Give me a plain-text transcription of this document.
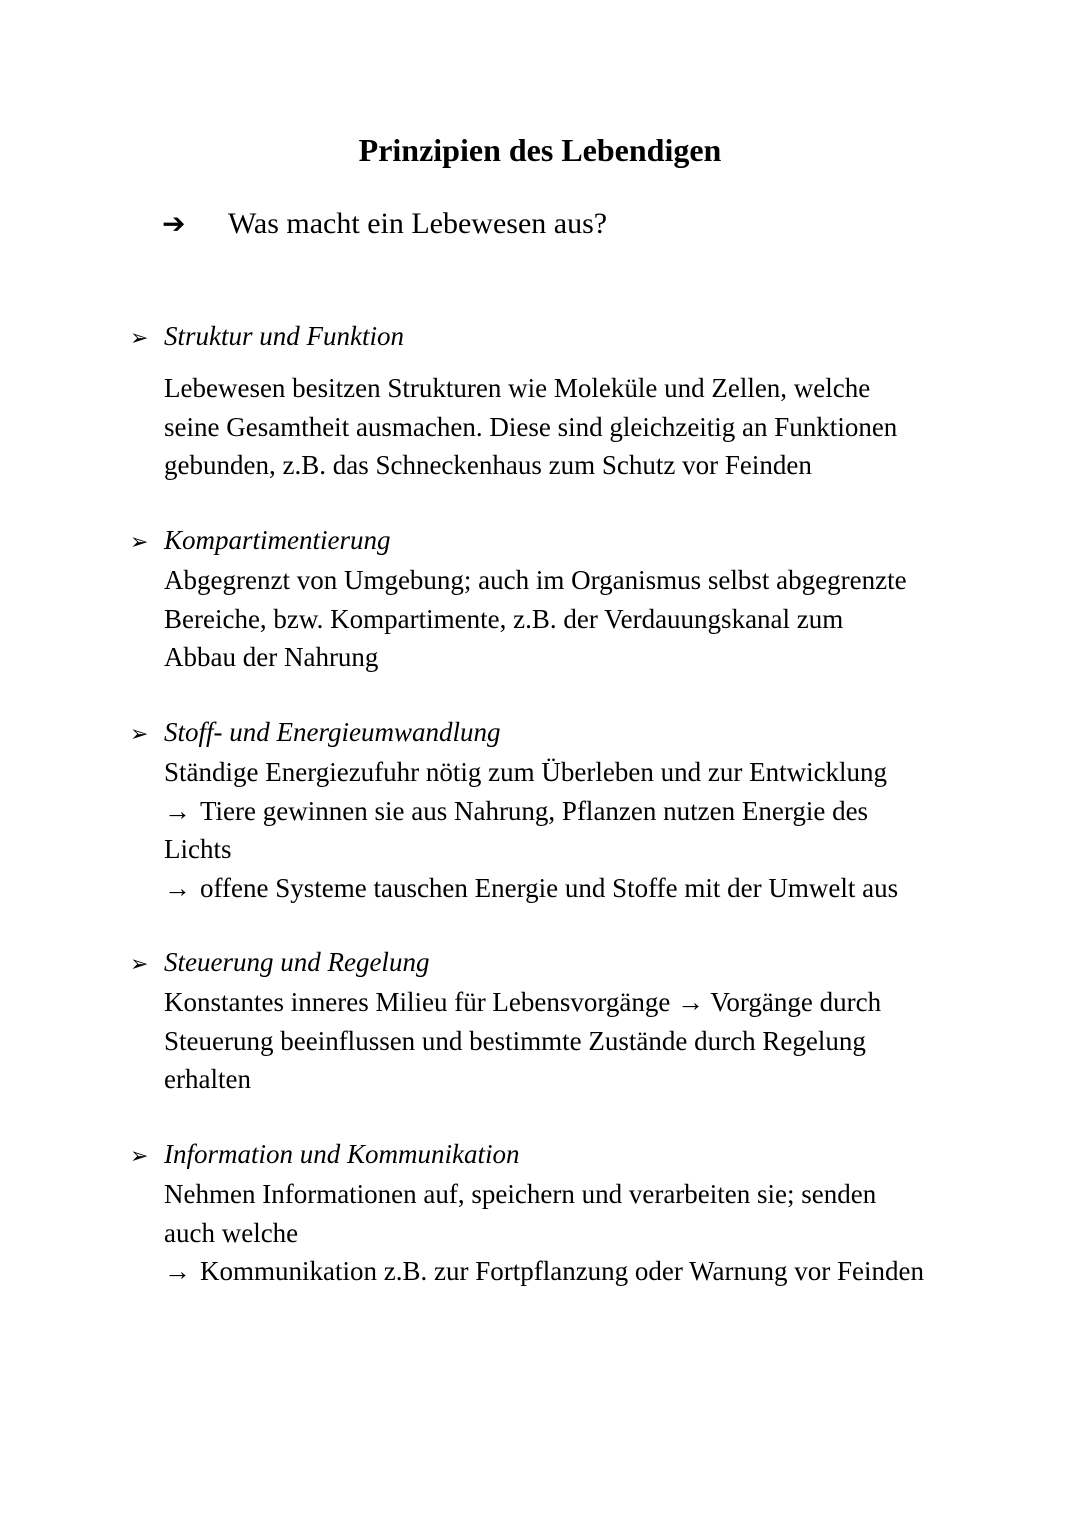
Prinzipien des Lebendigen
➔ Was macht ein Lebewesen aus?
➢ Struktur und Funktion
Lebewesen besitzen Strukturen wie Moleküle und Zellen, welche
seine Gesamtheit ausmachen. Diese sind gleichzeitig an Funktionen
gebunden, z.B. das Schneckenhaus zum Schutz vor Feinden
➢ Kompartimentierung
Abgegrenzt von Umgebung; auch im Organismus selbst abgegrenzte
Bereiche, bzw. Kompartimente, z.B. der Verdauungskanal zum
Abbau der Nahrung
➢ Stoff- und Energieumwandlung
Ständige Energiezufuhr nötig zum Überleben und zur Entwicklung
→ Tiere gewinnen sie aus Nahrung, Pflanzen nutzen Energie des
Lichts
→ offene Systeme tauschen Energie und Stoffe mit der Umwelt aus
➢ Steuerung und Regelung
Konstantes inneres Milieu für Lebensvorgänge → Vorgänge durch
Steuerung beeinflussen und bestimmte Zustände durch Regelung
erhalten
➢ Information und Kommunikation
Nehmen Informationen auf, speichern und verarbeiten sie; senden
auch welche
→ Kommunikation z.B. zur Fortpflanzung oder Warnung vor Feinden
